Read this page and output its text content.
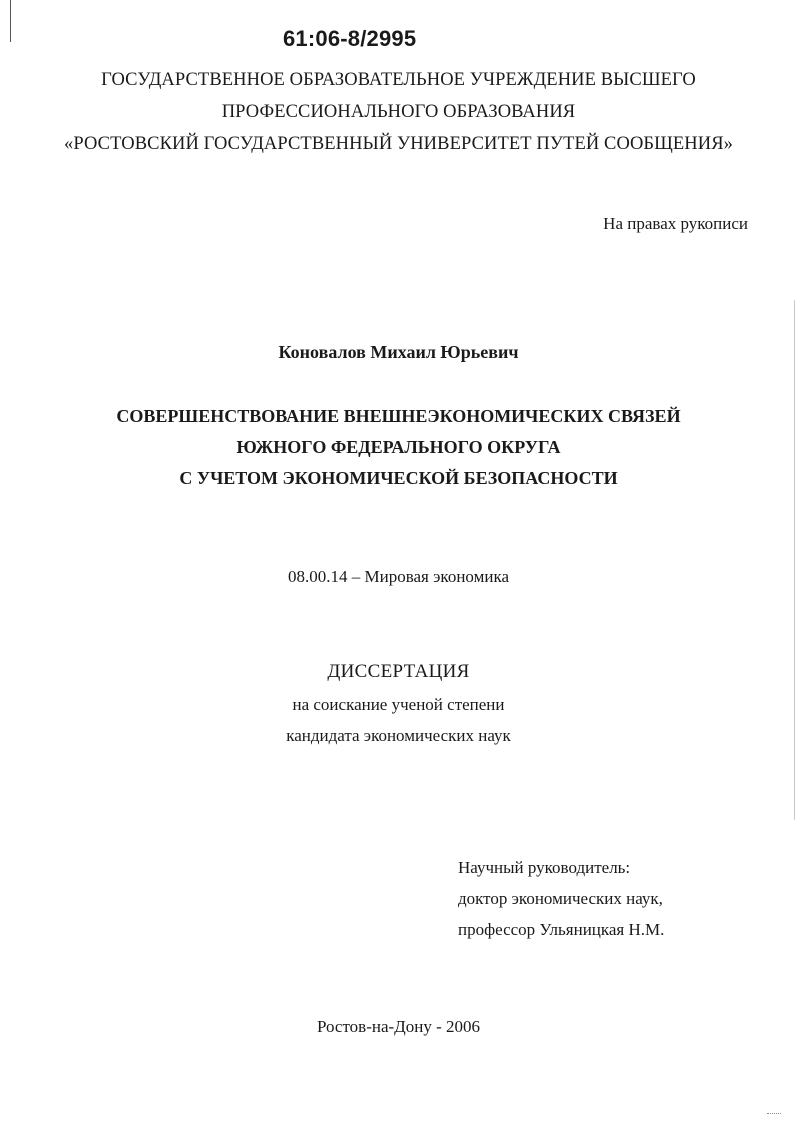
61:06-8/2995
ГОСУДАРСТВЕННОЕ ОБРАЗОВАТЕЛЬНОЕ УЧРЕЖДЕНИЕ ВЫСШЕГО
ПРОФЕССИОНАЛЬНОГО ОБРАЗОВАНИЯ
«РОСТОВСКИЙ ГОСУДАРСТВЕННЫЙ УНИВЕРСИТЕТ ПУТЕЙ СООБЩЕНИЯ»
На правах рукописи
Коновалов Михаил Юрьевич
СОВЕРШЕНСТВОВАНИЕ ВНЕШНЕЭКОНОМИЧЕСКИХ СВЯЗЕЙ
ЮЖНОГО ФЕДЕРАЛЬНОГО ОКРУГА
С УЧЕТОМ ЭКОНОМИЧЕСКОЙ БЕЗОПАСНОСТИ
08.00.14 – Мировая экономика
ДИССЕРТАЦИЯ
на соискание ученой степени
кандидата экономических наук
Научный руководитель:
доктор экономических наук,
профессор Ульяницкая Н.М.
Ростов-на-Дону - 2006
